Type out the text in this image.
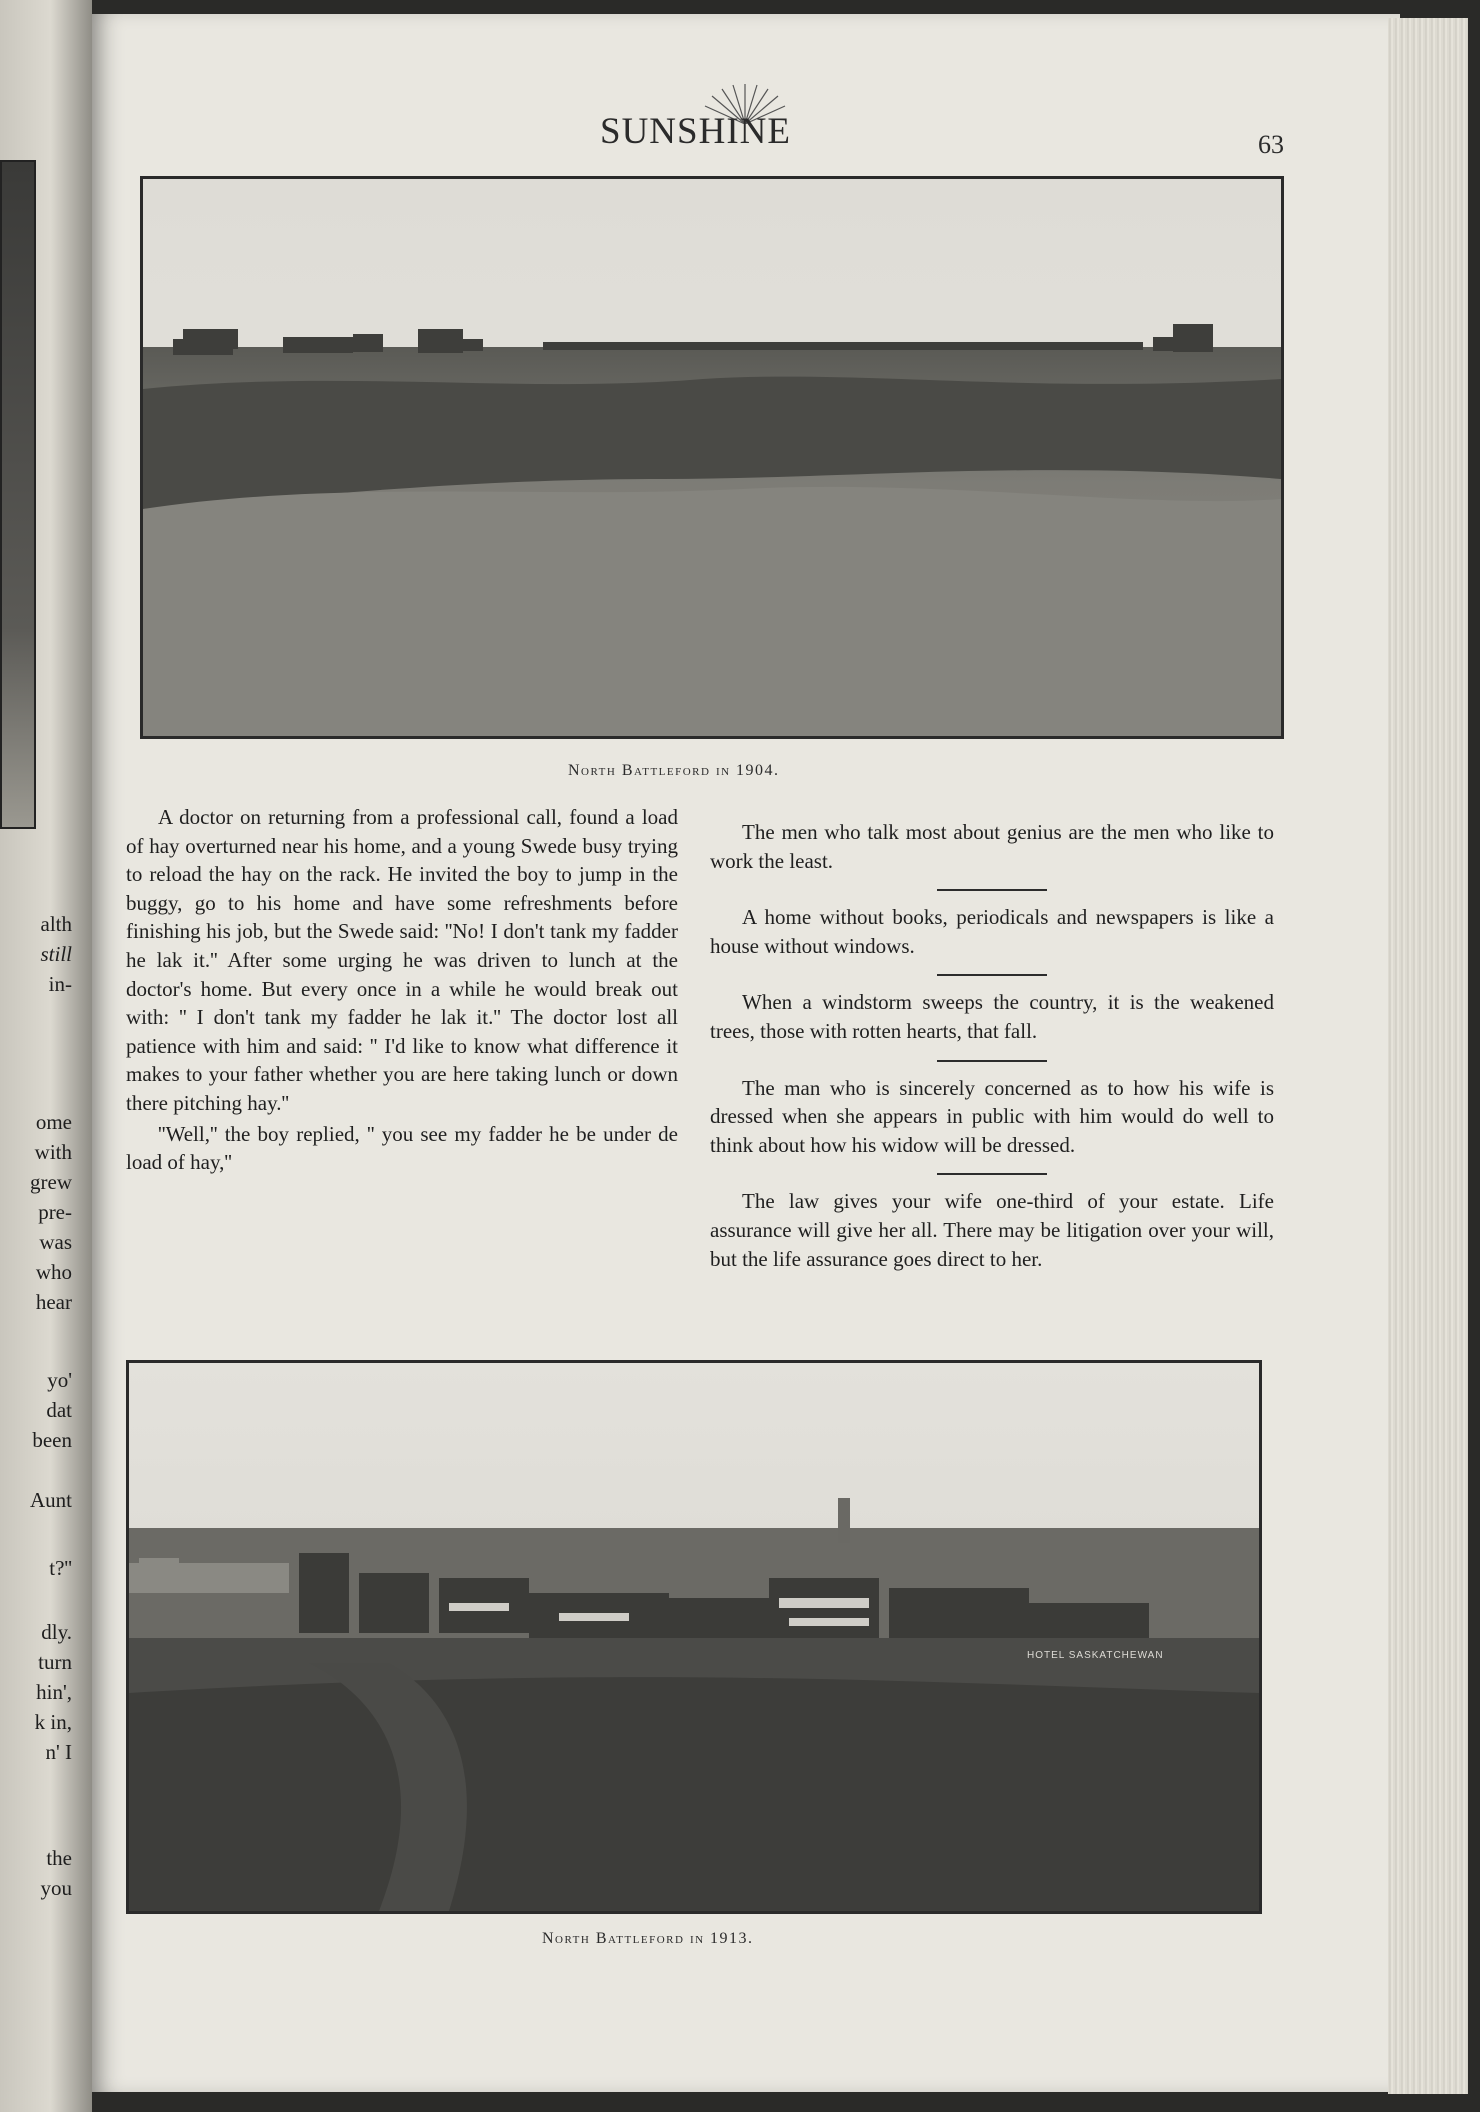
alth
still
in-
ome
with
grew
pre-
was
who
hear
yo'
dat
been
Aunt
t?''
dly.
turn
hin',
k in,
n' I
the
you
SUNSHINE	63
North Battleford in 1904.

A doctor on returning from a professional call, found a load of hay overturned near his home, and a young Swede busy trying to reload the hay on the rack. He invited the boy to jump in the buggy, go to his home and have some refreshments before finishing his job, but the Swede said: ''No! I don't tank my fadder he lak it.'' After some urging he was driven to lunch at the doctor's home. But every once in a while he would break out with: '' I don't tank my fadder he lak it.'' The doctor lost all patience with him and said: '' I'd like to know what difference it makes to your father whether you are here taking lunch or down there pitching hay.''

''Well,'' the boy replied, '' you see my fadder he be under de load of hay,''

The men who talk most about genius are the men who like to work the least.

A home without books, periodicals and newspapers is like a house without windows.

When a windstorm sweeps the country, it is the weakened trees, those with rotten hearts, that fall.

The man who is sincerely concerned as to how his wife is dressed when she appears in public with him would do well to think about how his widow will be dressed.

The law gives your wife one-third of your estate. Life assurance will give her all. There may be litigation over your will, but the life assurance goes direct to her.

HOTEL SASKATCHEWAN
North Battleford in 1913.
